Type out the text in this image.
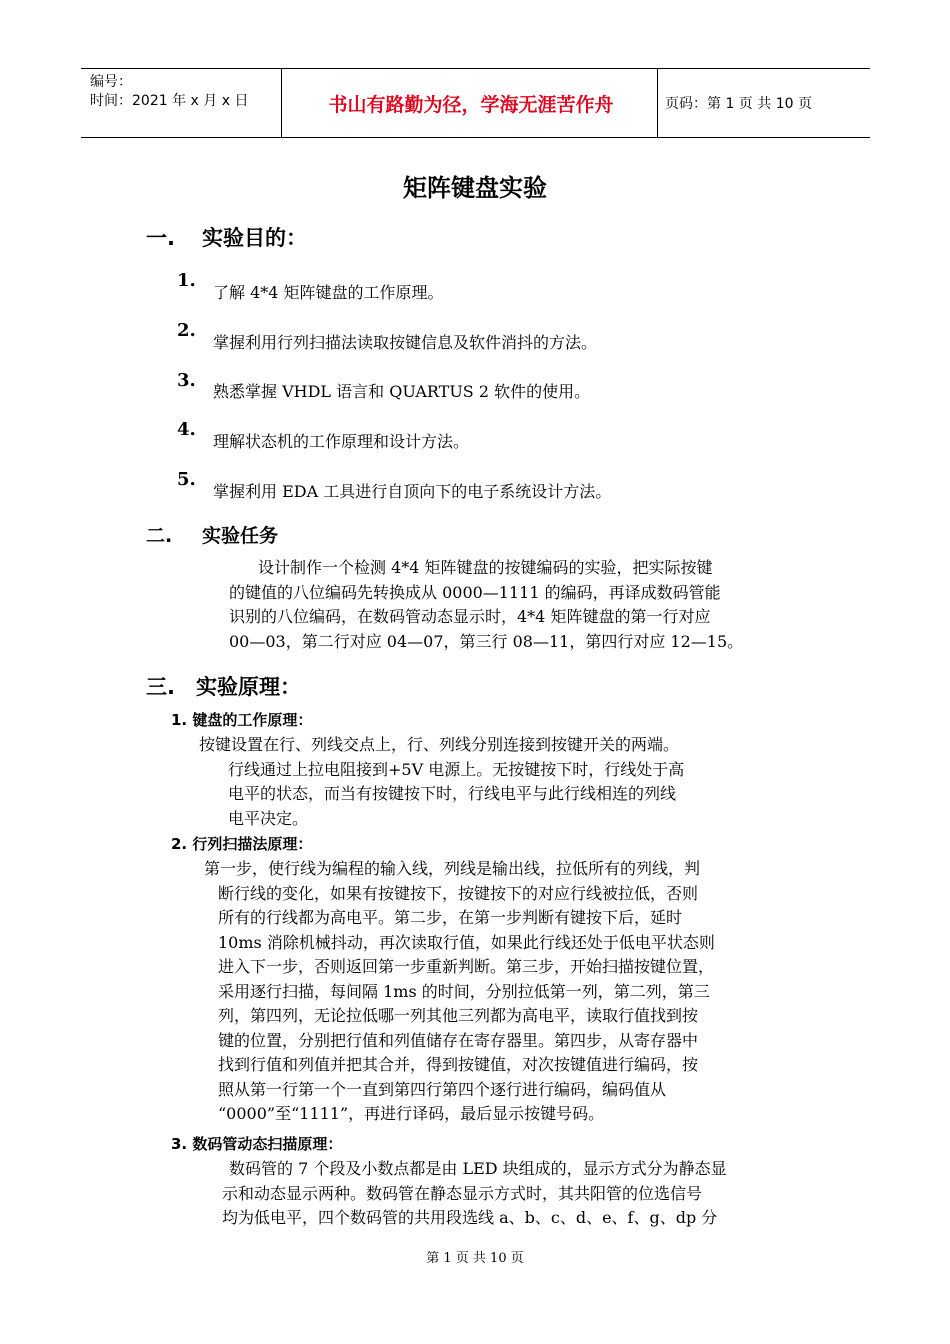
编号：
时间：2021 年 x 月 x 日	书山有路勤为径，学海无涯苦作舟	页码：第 1 页 共 10 页
矩阵键盘实验
一. 实验目的：
1.
了解 4*4 矩阵键盘的工作原理。
2.
掌握利用行列扫描法读取按键信息及软件消抖的方法。
3.
熟悉掌握 VHDL 语言和 QUARTUS 2 软件的使用。
4.
理解状态机的工作原理和设计方法。
5.
掌握利用 EDA 工具进行自顶向下的电子系统设计方法。
二. 实验任务
设计制作一个检测 4*4 矩阵键盘的按键编码的实验，把实际按键
的键值的八位编码先转换成从 0000—1111 的编码，再译成数码管能
识别的八位编码，在数码管动态显示时，4*4 矩阵键盘的第一行对应
00—03，第二行对应 04—07，第三行 08—11，第四行对应 12—15。
三. 实验原理：
1. 键盘的工作原理：
按键设置在行、列线交点上，行、列线分别连接到按键开关的两端。
行线通过上拉电阻接到+5V 电源上。无按键按下时，行线处于高
电平的状态，而当有按键按下时，行线电平与此行线相连的列线
电平决定。
2. 行列扫描法原理：
第一步，使行线为编程的输入线，列线是输出线，拉低所有的列线，判
断行线的变化，如果有按键按下，按键按下的对应行线被拉低，否则
所有的行线都为高电平。第二步，在第一步判断有键按下后，延时
10ms 消除机械抖动，再次读取行值，如果此行线还处于低电平状态则
进入下一步，否则返回第一步重新判断。第三步，开始扫描按键位置，
采用逐行扫描，每间隔 1ms 的时间，分别拉低第一列，第二列，第三
列，第四列，无论拉低哪一列其他三列都为高电平，读取行值找到按
键的位置，分别把行值和列值储存在寄存器里。第四步，从寄存器中
找到行值和列值并把其合并，得到按键值，对次按键值进行编码，按
照从第一行第一个一直到第四行第四个逐行进行编码，编码值从
“0000”至“1111”，再进行译码，最后显示按键号码。
3. 数码管动态扫描原理：
数码管的 7 个段及小数点都是由 LED 块组成的，显示方式分为静态显
示和动态显示两种。数码管在静态显示方式时，其共阳管的位选信号
均为低电平，四个数码管的共用段选线 a、b、c、d、e、f、g、dp 分
第 1 页 共 10 页
